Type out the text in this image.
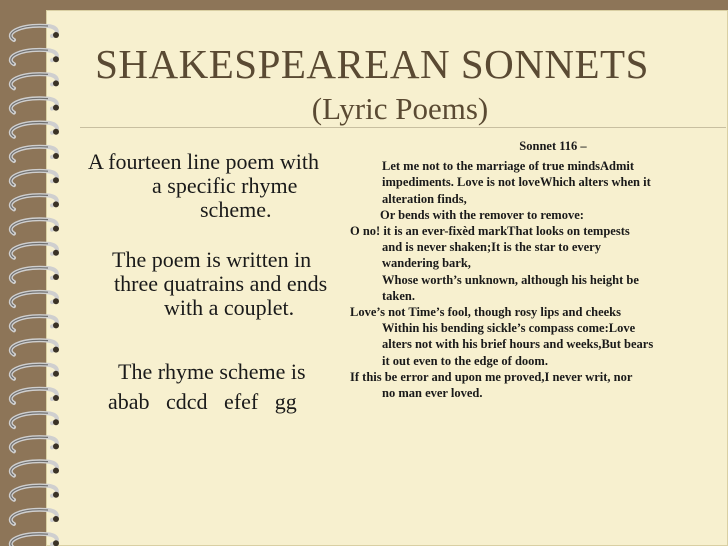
SHAKESPEAREAN SONNETS
(Lyric Poems)
A fourteen line poem with
a specific rhyme
scheme.
The poem is written in
three quatrains and ends
with a couplet.
The rhyme scheme is
abab   cdcd   efef   gg
Sonnet 116 –
Let me not to the marriage of true mindsAdmit
impediments. Love is not loveWhich alters when it
alteration finds,
Or bends with the remover to remove:
O no! it is an ever-fixèd markThat looks on tempests
and is never shaken;It is the star to every
wandering bark,
Whose worth’s unknown, although his height be
taken.
Love’s not Time’s fool, though rosy lips and cheeks
Within his bending sickle’s compass come:Love
alters not with his brief hours and weeks,But bears
it out even to the edge of doom.
If this be error and upon me proved,I never writ, nor
no man ever loved.
